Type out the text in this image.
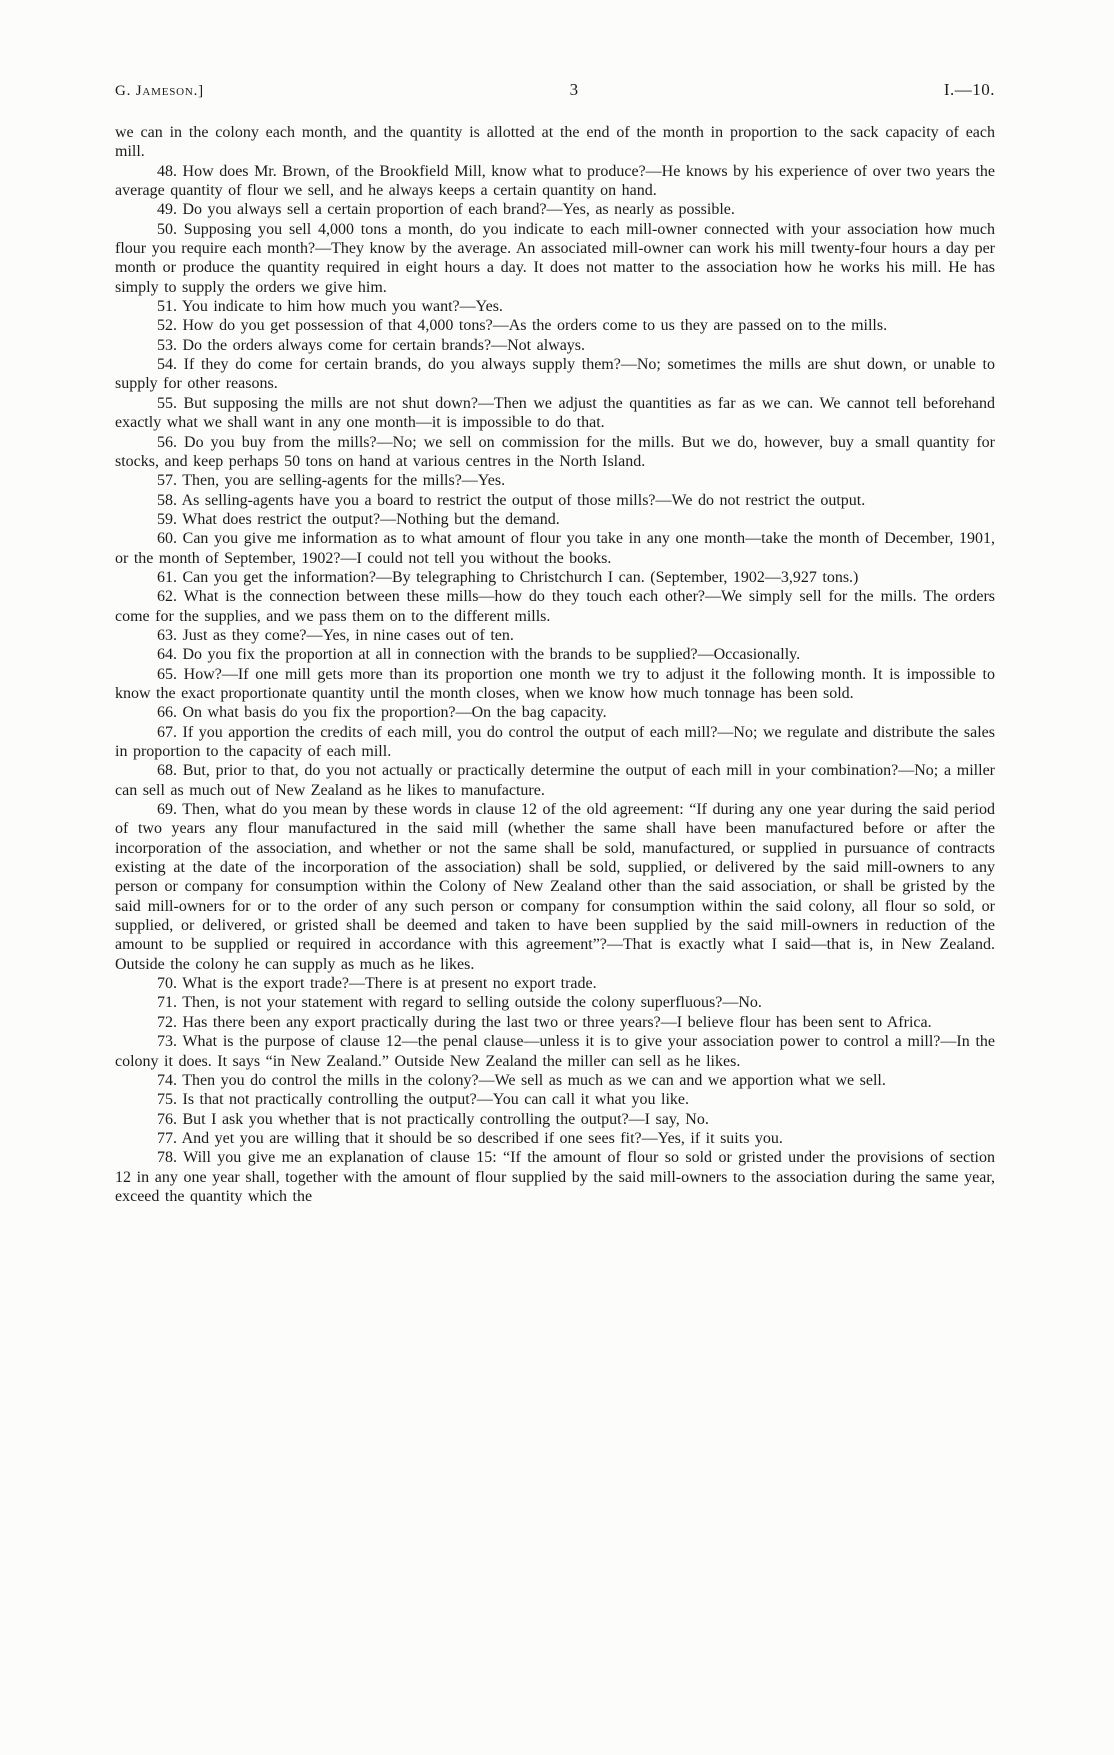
G. Jameson.]	3	I.—10.

we can in the colony each month, and the quantity is allotted at the end of the month in proportion to the sack capacity of each mill.

48. How does Mr. Brown, of the Brookfield Mill, know what to produce?—He knows by his experience of over two years the average quantity of flour we sell, and he always keeps a certain quantity on hand.

49. Do you always sell a certain proportion of each brand?—Yes, as nearly as possible.

50. Supposing you sell 4,000 tons a month, do you indicate to each mill-owner connected with your association how much flour you require each month?—They know by the average. An associated mill-owner can work his mill twenty-four hours a day per month or produce the quantity required in eight hours a day. It does not matter to the association how he works his mill. He has simply to supply the orders we give him.

51. You indicate to him how much you want?—Yes.

52. How do you get possession of that 4,000 tons?—As the orders come to us they are passed on to the mills.

53. Do the orders always come for certain brands?—Not always.

54. If they do come for certain brands, do you always supply them?—No; sometimes the mills are shut down, or unable to supply for other reasons.

55. But supposing the mills are not shut down?—Then we adjust the quantities as far as we can. We cannot tell beforehand exactly what we shall want in any one month—it is impossible to do that.

56. Do you buy from the mills?—No; we sell on commission for the mills. But we do, however, buy a small quantity for stocks, and keep perhaps 50 tons on hand at various centres in the North Island.

57. Then, you are selling-agents for the mills?—Yes.

58. As selling-agents have you a board to restrict the output of those mills?—We do not restrict the output.

59. What does restrict the output?—Nothing but the demand.

60. Can you give me information as to what amount of flour you take in any one month—take the month of December, 1901, or the month of September, 1902?—I could not tell you without the books.

61. Can you get the information?—By telegraphing to Christchurch I can. (September, 1902—3,927 tons.)

62. What is the connection between these mills—how do they touch each other?—We simply sell for the mills. The orders come for the supplies, and we pass them on to the different mills.

63. Just as they come?—Yes, in nine cases out of ten.

64. Do you fix the proportion at all in connection with the brands to be supplied?—Occasionally.

65. How?—If one mill gets more than its proportion one month we try to adjust it the following month. It is impossible to know the exact proportionate quantity until the month closes, when we know how much tonnage has been sold.

66. On what basis do you fix the proportion?—On the bag capacity.

67. If you apportion the credits of each mill, you do control the output of each mill?—No; we regulate and distribute the sales in proportion to the capacity of each mill.

68. But, prior to that, do you not actually or practically determine the output of each mill in your combination?—No; a miller can sell as much out of New Zealand as he likes to manufacture.

69. Then, what do you mean by these words in clause 12 of the old agreement: “If during any one year during the said period of two years any flour manufactured in the said mill (whether the same shall have been manufactured before or after the incorporation of the association, and whether or not the same shall be sold, manufactured, or supplied in pursuance of contracts existing at the date of the incorporation of the association) shall be sold, supplied, or delivered by the said mill-owners to any person or company for consumption within the Colony of New Zealand other than the said association, or shall be gristed by the said mill-owners for or to the order of any such person or company for consumption within the said colony, all flour so sold, or supplied, or delivered, or gristed shall be deemed and taken to have been supplied by the said mill-owners in reduction of the amount to be supplied or required in accordance with this agreement”?—That is exactly what I said—that is, in New Zealand. Outside the colony he can supply as much as he likes.

70. What is the export trade?—There is at present no export trade.

71. Then, is not your statement with regard to selling outside the colony superfluous?—No.

72. Has there been any export practically during the last two or three years?—I believe flour has been sent to Africa.

73. What is the purpose of clause 12—the penal clause—unless it is to give your association power to control a mill?—In the colony it does. It says “in New Zealand.” Outside New Zealand the miller can sell as he likes.

74. Then you do control the mills in the colony?—We sell as much as we can and we apportion what we sell.

75. Is that not practically controlling the output?—You can call it what you like.

76. But I ask you whether that is not practically controlling the output?—I say, No.

77. And yet you are willing that it should be so described if one sees fit?—Yes, if it suits you.

78. Will you give me an explanation of clause 15: “If the amount of flour so sold or gristed under the provisions of section 12 in any one year shall, together with the amount of flour supplied by the said mill-owners to the association during the same year, exceed the quantity which the
